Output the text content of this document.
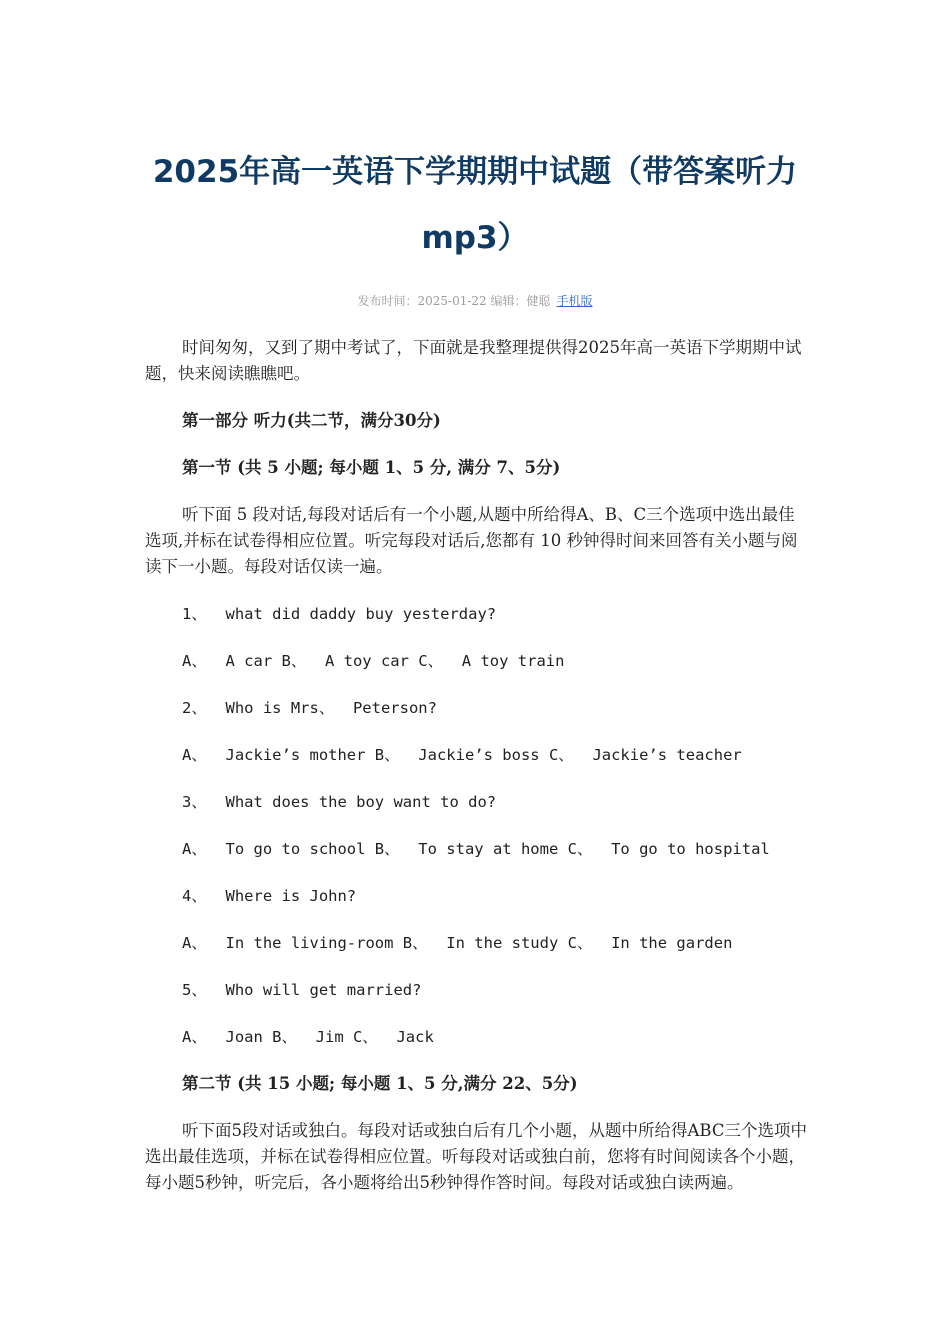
2025年高一英语下学期期中试题（带答案听力mp3）
发布时间：2025-01-22 编辑：健聪 手机版

时间匆匆，又到了期中考试了，下面就是我整理提供得2025年高一英语下学期期中试题，快来阅读瞧瞧吧。

第一部分 听力(共二节，满分30分)

第一节 (共 5 小题; 每小题 1、5 分, 满分 7、5分)

听下面 5 段对话,每段对话后有一个小题,从题中所给得A、B、C三个选项中选出最佳选项,并标在试卷得相应位置。听完每段对话后,您都有 10 秒钟得时间来回答有关小题与阅读下一小题。每段对话仅读一遍。

1、  what did daddy buy yesterday?

A、  A car B、  A toy car C、  A toy train

2、  Who is Mrs、  Peterson?

A、  Jackie’s mother B、  Jackie’s boss C、  Jackie’s teacher

3、  What does the boy want to do?

A、  To go to school B、  To stay at home C、  To go to hospital

4、  Where is John?

A、  In the living-room B、  In the study C、  In the garden

5、  Who will get married?

A、  Joan B、  Jim C、  Jack

第二节 (共 15 小题; 每小题 1、5 分,满分 22、5分)

听下面5段对话或独白。每段对话或独白后有几个小题，从题中所给得ABC三个选项中选出最佳选项，并标在试卷得相应位置。听每段对话或独白前，您将有时间阅读各个小题，每小题5秒钟，听完后，各小题将给出5秒钟得作答时间。每段对话或独白读两遍。
